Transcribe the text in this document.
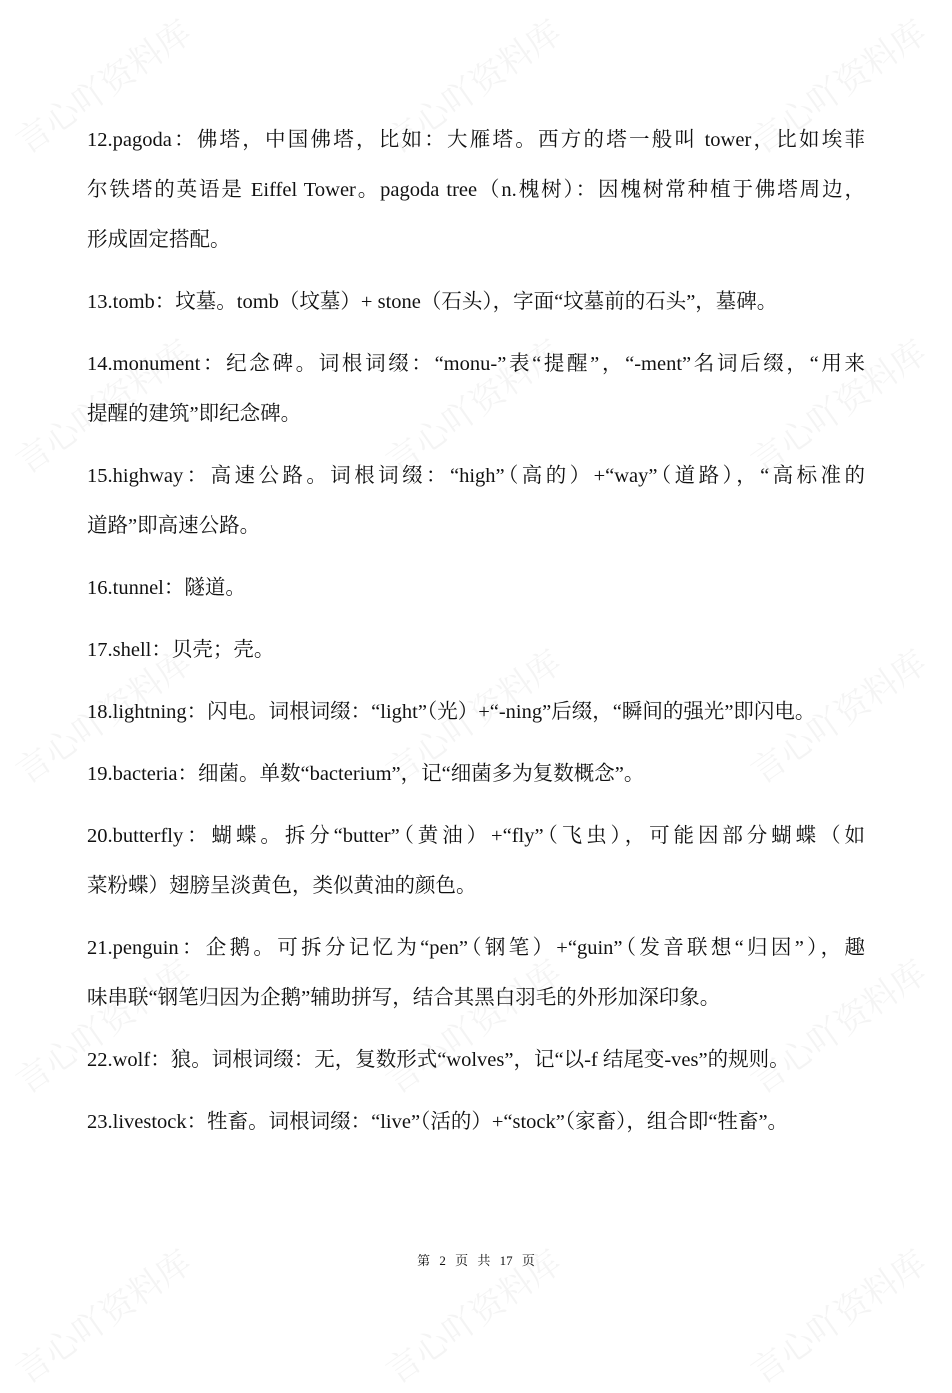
12.pagoda：佛塔，中国佛塔，比如：大雁塔。西方的塔一般叫 tower，比如埃菲
尔铁塔的英语是 Eiffel Tower。pagoda tree（n.槐树）：因槐树常种植于佛塔周边，
形成固定搭配。
13.tomb：坟墓。tomb（坟墓）+ stone（石头），字面“坟墓前的石头”，墓碑。
14.monument：纪念碑。词根词缀：“monu-”表“提醒”，“-ment”名词后缀，“用来
提醒的建筑”即纪念碑。
15.highway：高速公路。词根词缀：“high”（高的）+“way”（道路），“高标准的
道路”即高速公路。
16.tunnel：隧道。
17.shell：贝壳；壳。
18.lightning：闪电。词根词缀：“light”（光）+“-ning”后缀，“瞬间的强光”即闪电。
19.bacteria：细菌。单数“bacterium”，记“细菌多为复数概念”。
20.butterfly：蝴蝶。拆分“butter”（黄油）+“fly”（飞虫），可能因部分蝴蝶（如
菜粉蝶）翅膀呈淡黄色，类似黄油的颜色。
21.penguin：企鹅。可拆分记忆为“pen”（钢笔）+“guin”（发音联想“归因”），趣
味串联“钢笔归因为企鹅”辅助拼写，结合其黑白羽毛的外形加深印象。
22.wolf：狼。词根词缀：无，复数形式“wolves”，记“以-f 结尾变-ves”的规则。
23.livestock：牲畜。词根词缀：“live”（活的）+“stock”（家畜），组合即“牲畜”。
第 2 页 共 17 页
